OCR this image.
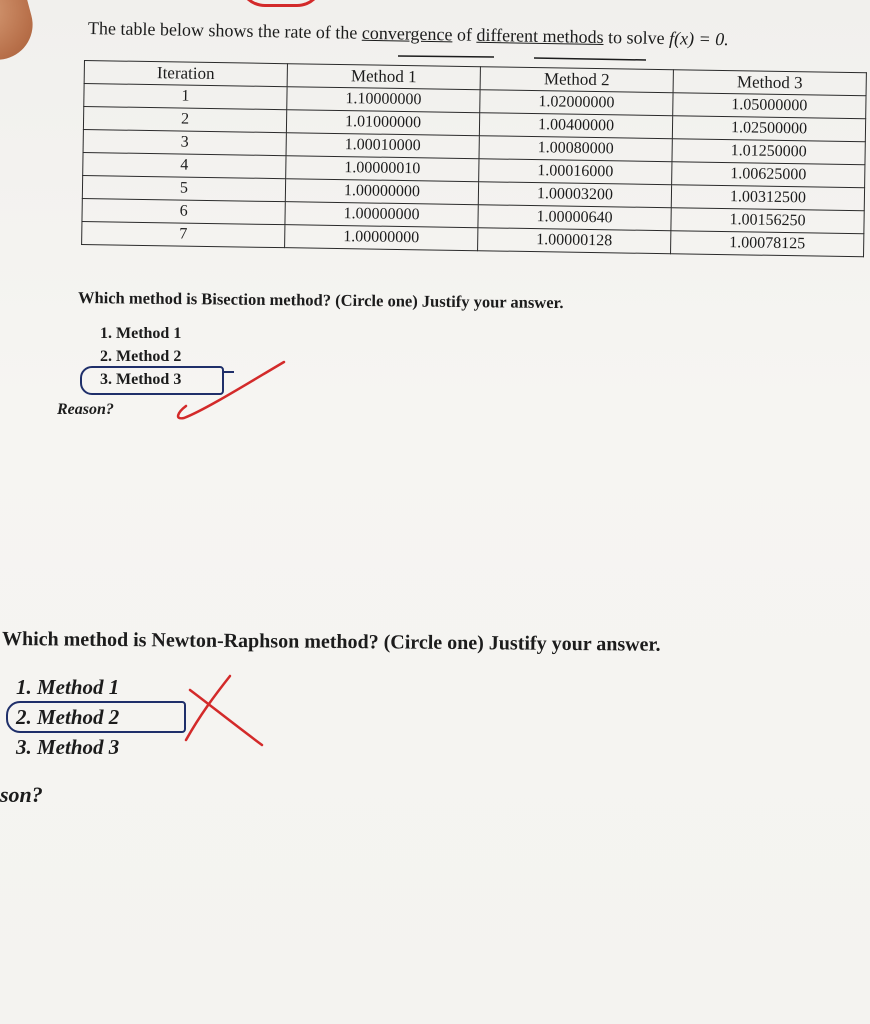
The table below shows the rate of the convergence of different methods to solve f(x) = 0.
Iteration	Method 1	Method 2	Method 3
1	1.10000000	1.02000000	1.05000000
2	1.01000000	1.00400000	1.02500000
3	1.00010000	1.00080000	1.01250000
4	1.00000010	1.00016000	1.00625000
5	1.00000000	1.00003200	1.00312500
6	1.00000000	1.00000640	1.00156250
7	1.00000000	1.00000128	1.00078125
Which method is Bisection method? (Circle one) Justify your answer.
1. Method 1
2. Method 2
3. Method 3
Reason?
Which method is Newton-Raphson method? (Circle one) Justify your answer.
1. Method 1
2. Method 2
3. Method 3
son?
